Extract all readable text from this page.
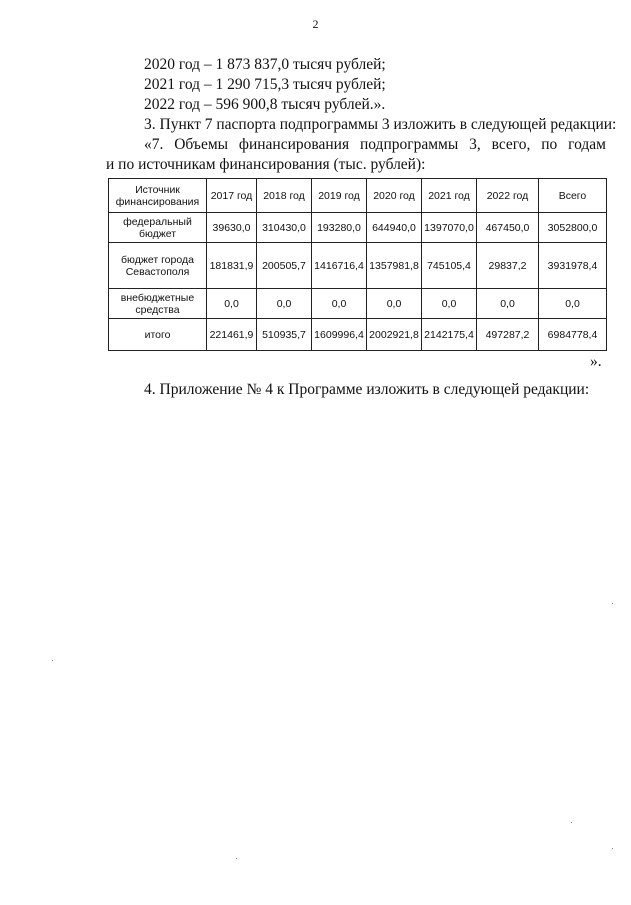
2
2020 год – 1 873 837,0 тысяч рублей;
2021 год – 1 290 715,3 тысяч рублей;
2022 год – 596 900,8 тысяч рублей.».
3. Пункт 7 паспорта подпрограммы 3 изложить в следующей редакции:
«7. Объемы финансирования подпрограммы 3, всего, по годам
и по источникам финансирования (тыс. рублей):
Источник финансирования	2017 год	2018 год	2019 год	2020 год	2021 год	2022 год	Всего
федеральный бюджет	39630,0	310430,0	193280,0	644940,0	1397070,0	467450,0	3052800,0
бюджет города Севастополя	181831,9	200505,7	1416716,4	1357981,8	745105,4	29837,2	3931978,4
внебюджетные средства	0,0	0,0	0,0	0,0	0,0	0,0	0,0
итого	221461,9	510935,7	1609996,4	2002921,8	2142175,4	497287,2	6984778,4
».
4. Приложение № 4 к Программе изложить в следующей редакции:
